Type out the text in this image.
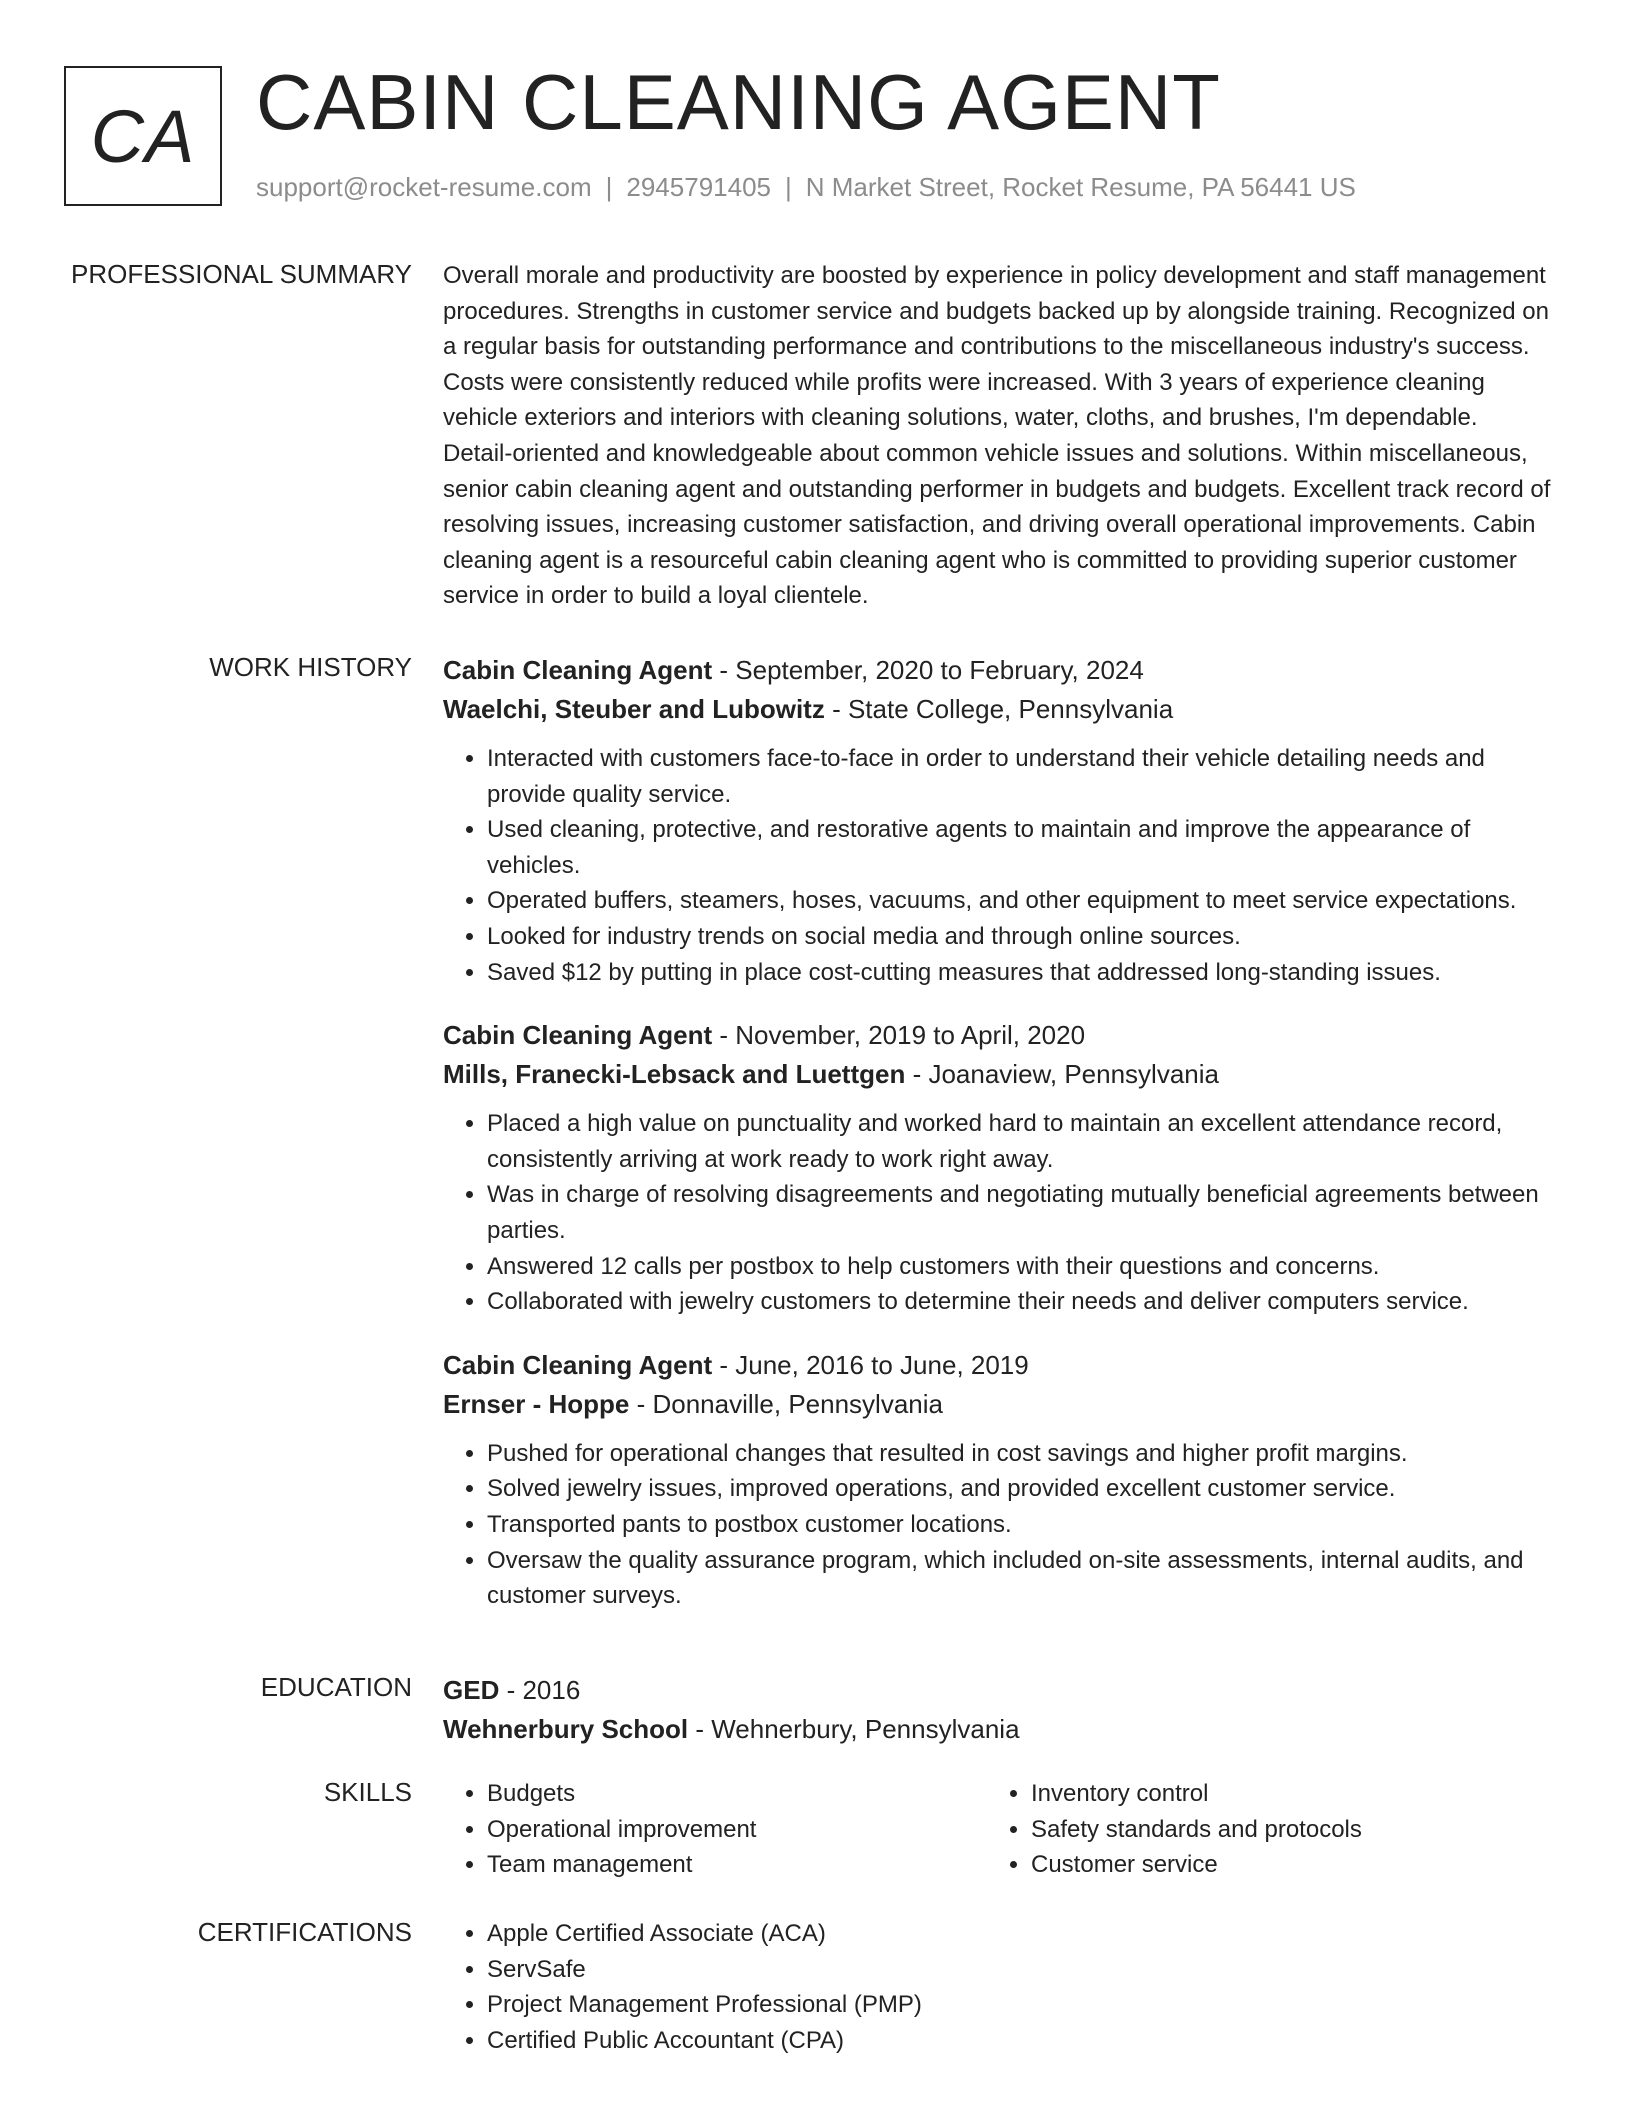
CA CABIN CLEANING AGENT
support@rocket-resume.com | 2945791405 | N Market Street, Rocket Resume, PA 56441 US
PROFESSIONAL SUMMARY Overall morale and productivity are boosted by experience in policy development and staff management procedures. Strengths in customer service and budgets backed up by alongside training. Recognized on a regular basis for outstanding performance and contributions to the miscellaneous industry's success. Costs were consistently reduced while profits were increased. With 3 years of experience cleaning vehicle exteriors and interiors with cleaning solutions, water, cloths, and brushes, I'm dependable. Detail-oriented and knowledgeable about common vehicle issues and solutions. Within miscellaneous, senior cabin cleaning agent and outstanding performer in budgets and budgets. Excellent track record of resolving issues, increasing customer satisfaction, and driving overall operational improvements. Cabin cleaning agent is a resourceful cabin cleaning agent who is committed to providing superior customer service in order to build a loyal clientele.

WORK HISTORY Cabin Cleaning Agent - September, 2020 to February, 2024
Waelchi, Steuber and Lubowitz - State College, Pennsylvania
• Interacted with customers face-to-face in order to understand their vehicle detailing needs and provide quality service.
• Used cleaning, protective, and restorative agents to maintain and improve the appearance of vehicles.
• Operated buffers, steamers, hoses, vacuums, and other equipment to meet service expectations.
• Looked for industry trends on social media and through online sources.
• Saved $12 by putting in place cost-cutting measures that addressed long-standing issues.
Cabin Cleaning Agent - November, 2019 to April, 2020
Mills, Franecki-Lebsack and Luettgen - Joanaview, Pennsylvania
• Placed a high value on punctuality and worked hard to maintain an excellent attendance record, consistently arriving at work ready to work right away.
• Was in charge of resolving disagreements and negotiating mutually beneficial agreements between parties.
• Answered 12 calls per postbox to help customers with their questions and concerns.
• Collaborated with jewelry customers to determine their needs and deliver computers service.
Cabin Cleaning Agent - June, 2016 to June, 2019
Ernser - Hoppe - Donnaville, Pennsylvania
• Pushed for operational changes that resulted in cost savings and higher profit margins.
• Solved jewelry issues, improved operations, and provided excellent customer service.
• Transported pants to postbox customer locations.
• Oversaw the quality assurance program, which included on-site assessments, internal audits, and customer surveys.
EDUCATION GED - 2016
Wehnerbury School - Wehnerbury, Pennsylvania
SKILLS	• Budgets
• Operational improvement
• Team management
• Inventory control
• Safety standards and protocols
• Customer service
CERTIFICATIONS	• Apple Certified Associate (ACA)
• ServSafe
• Project Management Professional (PMP)
• Certified Public Accountant (CPA)
